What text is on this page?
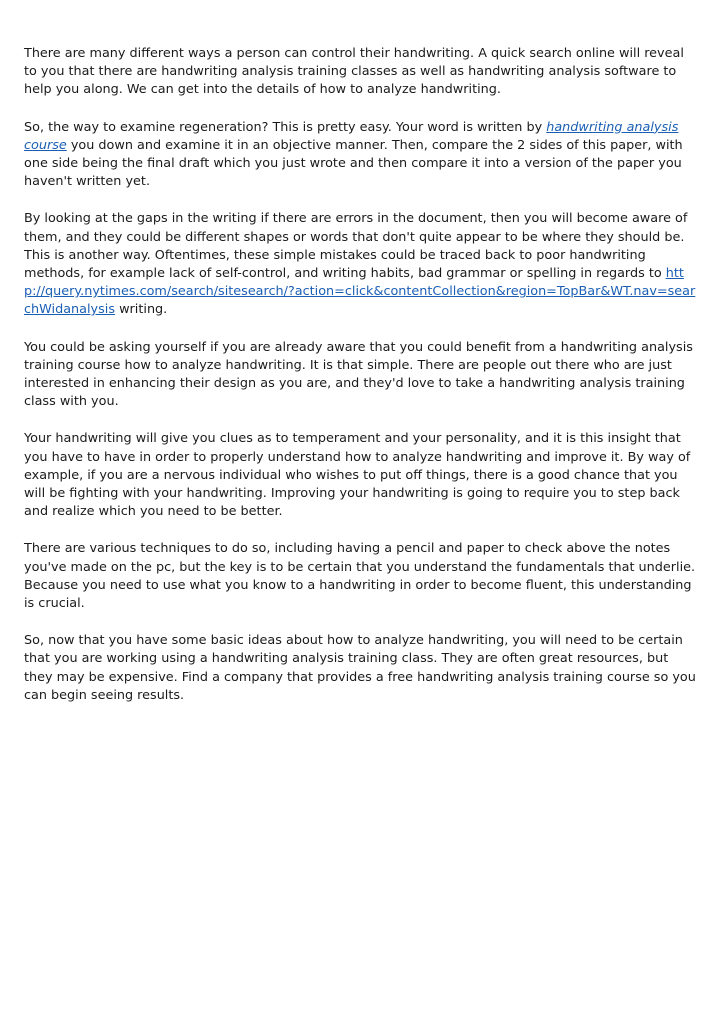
There are many different ways a person can control their handwriting. A quick search online will reveal to you that there are handwriting analysis training classes as well as handwriting analysis software to help you along. We can get into the details of how to analyze handwriting.

So, the way to examine regeneration? This is pretty easy. Your word is written by handwriting analysis course you down and examine it in an objective manner. Then, compare the 2 sides of this paper, with one side being the final draft which you just wrote and then compare it into a version of the paper you haven't written yet.

By looking at the gaps in the writing if there are errors in the document, then you will become aware of them, and they could be different shapes or words that don't quite appear to be where they should be. This is another way. Oftentimes, these simple mistakes could be traced back to poor handwriting methods, for example lack of self-control, and writing habits, bad grammar or spelling in regards to http://query.nytimes.com/search/sitesearch/?action=click&contentCollection&region=TopBar&WT.nav=searchWidanalysis writing.

You could be asking yourself if you are already aware that you could benefit from a handwriting analysis training course how to analyze handwriting. It is that simple. There are people out there who are just interested in enhancing their design as you are, and they'd love to take a handwriting analysis training class with you.

Your handwriting will give you clues as to temperament and your personality, and it is this insight that you have to have in order to properly understand how to analyze handwriting and improve it. By way of example, if you are a nervous individual who wishes to put off things, there is a good chance that you will be fighting with your handwriting. Improving your handwriting is going to require you to step back and realize which you need to be better.

There are various techniques to do so, including having a pencil and paper to check above the notes you've made on the pc, but the key is to be certain that you understand the fundamentals that underlie. Because you need to use what you know to a handwriting in order to become fluent, this understanding is crucial.

So, now that you have some basic ideas about how to analyze handwriting, you will need to be certain that you are working using a handwriting analysis training class. They are often great resources, but they may be expensive. Find a company that provides a free handwriting analysis training course so you can begin seeing results.
